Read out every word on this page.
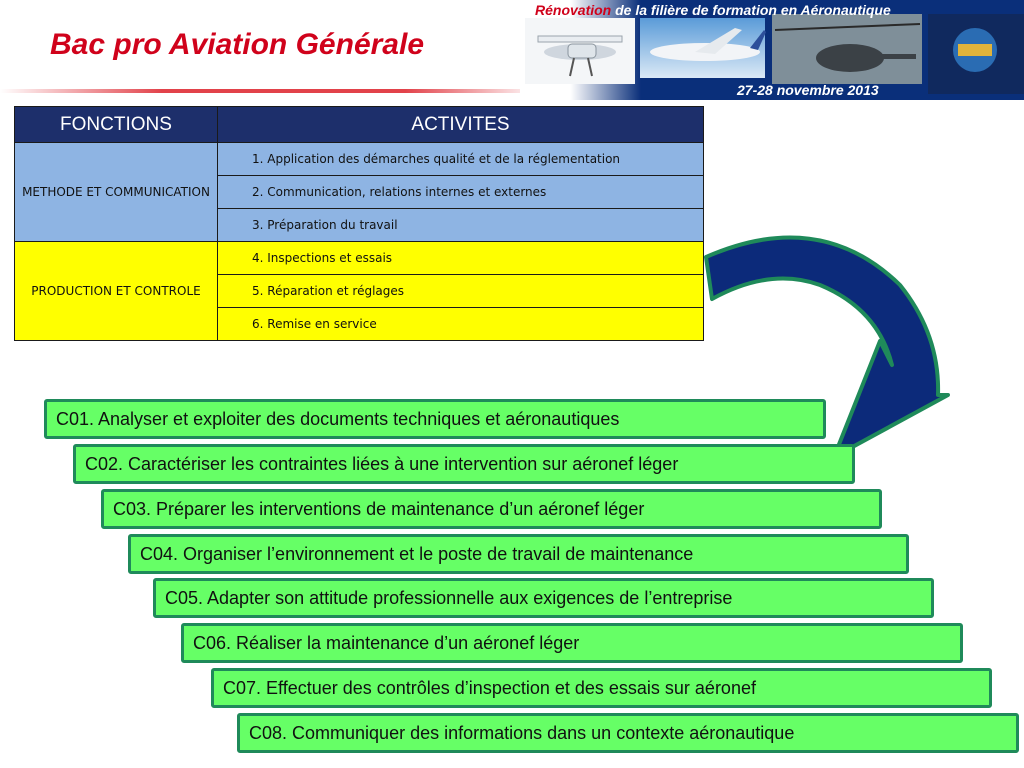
Bac pro Aviation Générale
Rénovation de la filière de formation en Aéronautique
27-28 novembre 2013
FONCTIONS	ACTIVITES
METHODE ET COMMUNICATION	1. Application des démarches qualité et de la réglementation
	2. Communication, relations internes et externes
	3. Préparation du travail
PRODUCTION ET CONTROLE	4. Inspections et essais
	5. Réparation et réglages
	6. Remise en service
C01. Analyser et exploiter des documents techniques et aéronautiques
C02. Caractériser les contraintes liées à une intervention sur aéronef léger
C03. Préparer les interventions de maintenance d’un aéronef léger
C04. Organiser l’environnement et le poste de travail de maintenance
C05. Adapter son attitude professionnelle aux exigences de l’entreprise
C06. Réaliser la maintenance d’un aéronef léger
C07. Effectuer des contrôles d’inspection et des essais sur aéronef
C08. Communiquer des informations dans un contexte aéronautique
